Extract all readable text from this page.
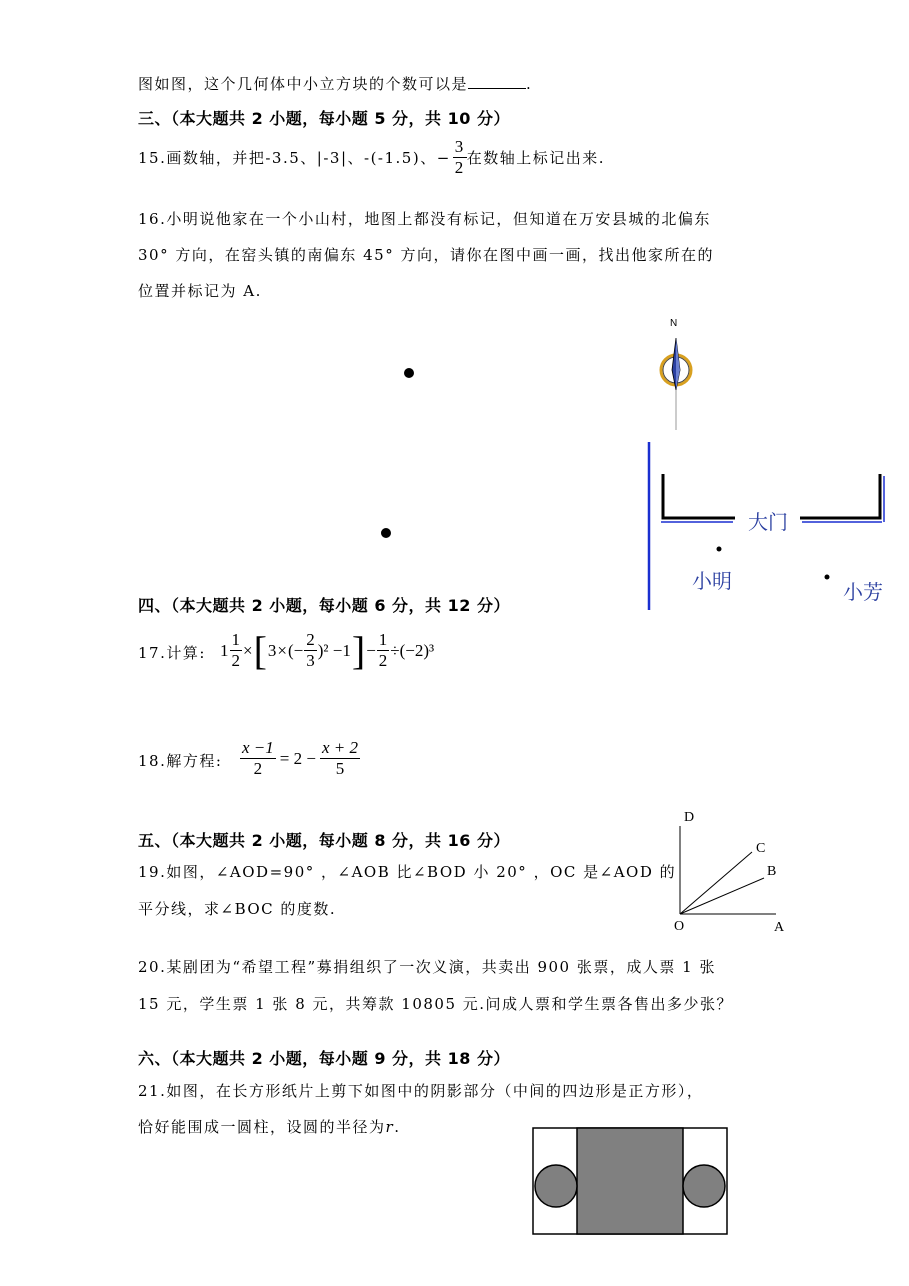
图如图，这个几何体中小立方块的个数可以是	.
三、（本大题共 2 小题，每小题 5 分，共 10 分）
15.画数轴，并把-3.5、|-3|、-(-1.5)、 − $\frac{3}{2}$ 在数轴上标记出来.
16.小明说他家在一个小山村，地图上都没有标记，但知道在万安县城的北偏东
30° 方向，在窑头镇的南偏东 45° 方向，请你在图中画一画，找出他家所在的
位置并标记为 A.
N
大门
小明	小芳
四、（本大题共 2 小题，每小题 6 分，共 12 分）
17.计算: $1 \frac{1}{2}$ × [ 3 × (− $\frac{2}{3} )^2 -1$ ] − $\frac{1}{2} \div(-2)^3$
18.解方程: $\frac{x -1}{2} = 2 - \frac{x + 2}{5}$
五、（本大题共 2 小题，每小题 8 分，共 16 分）
19.如图，∠AOD=90° ，∠AOB 比∠BOD 小 20° ，OC 是∠AOD 的
平分线，求∠BOC 的度数.
D
C
B
O	A
20.某剧团为“希望工程”募捐组织了一次义演，共卖出 900 张票，成人票 1 张
15 元，学生票 1 张 8 元，共筹款 10805 元.问成人票和学生票各售出多少张？
六、（本大题共 2 小题，每小题 9 分，共 18 分）
21.如图，在长方形纸片上剪下如图中的阴影部分（中间的四边形是正方形），
恰好能围成一圆柱，设圆的半径为r.
